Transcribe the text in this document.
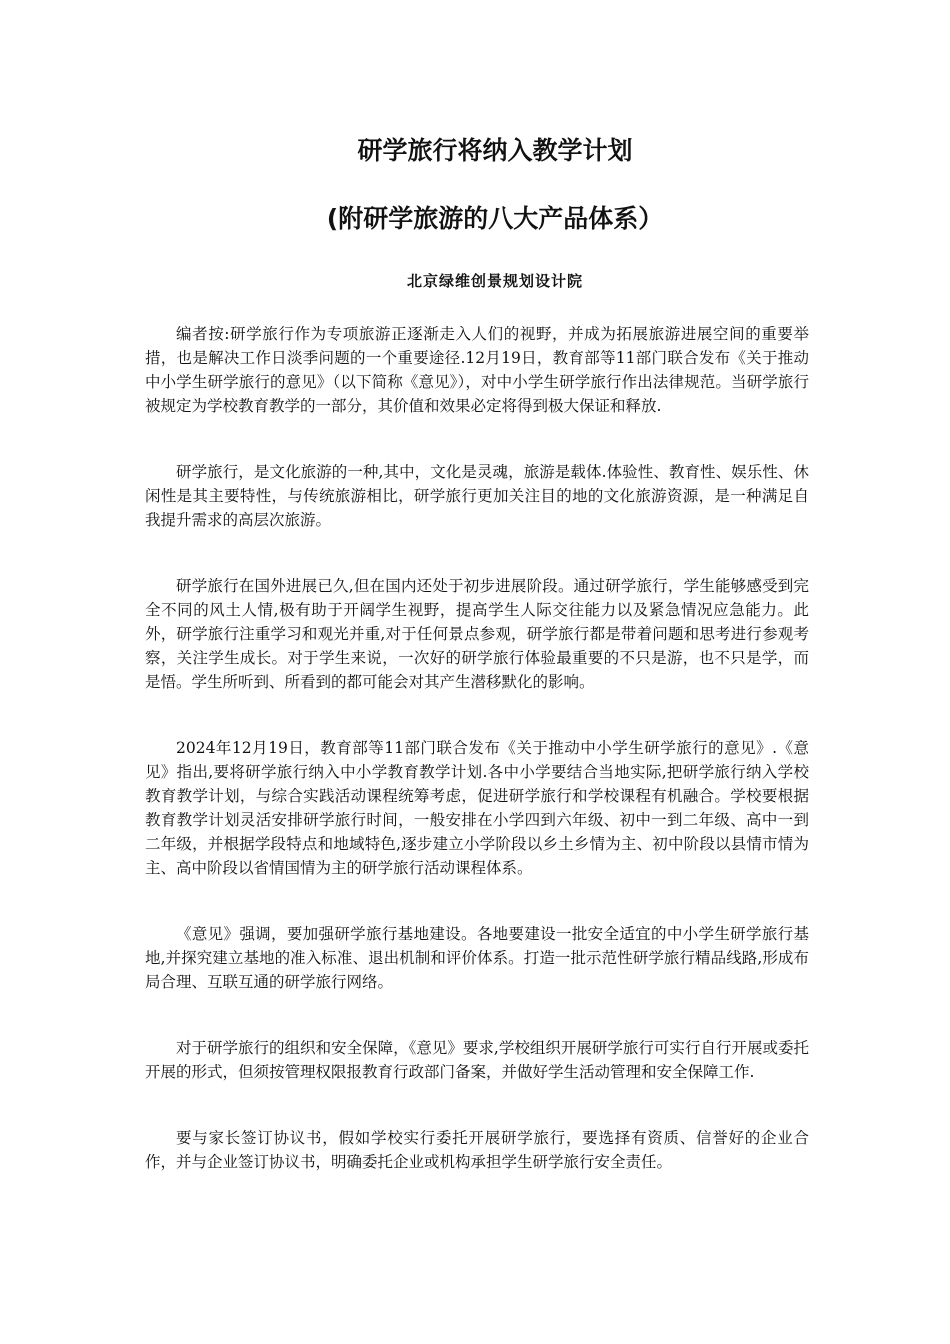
研学旅行将纳入教学计划
(附研学旅游的八大产品体系）

北京绿维创景规划设计院

编者按:研学旅行作为专项旅游正逐渐走入人们的视野，并成为拓展旅游进展空间的重要举措，也是解决工作日淡季问题的一个重要途径.12月19日，教育部等11部门联合发布《关于推动中小学生研学旅行的意见》（以下简称《意见》），对中小学生研学旅行作出法律规范。当研学旅行被规定为学校教育教学的一部分，其价值和效果必定将得到极大保证和释放.

研学旅行，是文化旅游的一种,其中，文化是灵魂，旅游是载体.体验性、教育性、娱乐性、休闲性是其主要特性，与传统旅游相比，研学旅行更加关注目的地的文化旅游资源，是一种满足自我提升需求的高层次旅游。

研学旅行在国外进展已久,但在国内还处于初步进展阶段。通过研学旅行，学生能够感受到完全不同的风土人情,极有助于开阔学生视野，提高学生人际交往能力以及紧急情况应急能力。此外，研学旅行注重学习和观光并重,对于任何景点参观，研学旅行都是带着问题和思考进行参观考察，关注学生成长。对于学生来说，一次好的研学旅行体验最重要的不只是游，也不只是学，而是悟。学生所听到、所看到的都可能会对其产生潜移默化的影响。

2024年12月19日，教育部等11部门联合发布《关于推动中小学生研学旅行的意见》.《意见》指出,要将研学旅行纳入中小学教育教学计划.各中小学要结合当地实际,把研学旅行纳入学校教育教学计划，与综合实践活动课程统筹考虑，促进研学旅行和学校课程有机融合。学校要根据教育教学计划灵活安排研学旅行时间，一般安排在小学四到六年级、初中一到二年级、高中一到二年级，并根据学段特点和地域特色,逐步建立小学阶段以乡土乡情为主、初中阶段以县情市情为主、高中阶段以省情国情为主的研学旅行活动课程体系。

《意见》强调，要加强研学旅行基地建设。各地要建设一批安全适宜的中小学生研学旅行基地,并探究建立基地的准入标准、退出机制和评价体系。打造一批示范性研学旅行精品线路,形成布局合理、互联互通的研学旅行网络。

对于研学旅行的组织和安全保障，《意见》要求,学校组织开展研学旅行可实行自行开展或委托开展的形式，但须按管理权限报教育行政部门备案，并做好学生活动管理和安全保障工作.

要与家长签订协议书，假如学校实行委托开展研学旅行，要选择有资质、信誉好的企业合作，并与企业签订协议书，明确委托企业或机构承担学生研学旅行安全责任。
